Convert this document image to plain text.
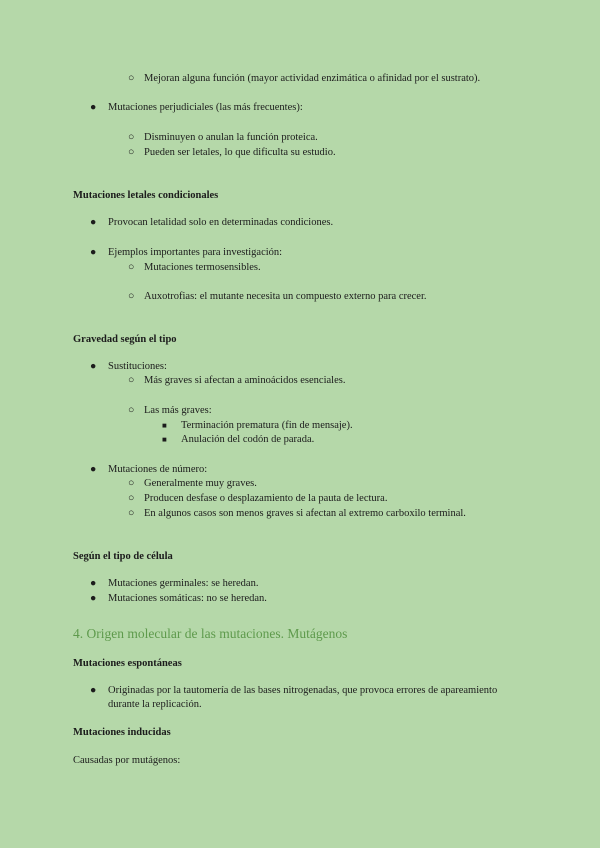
○ Mejoran alguna función (mayor actividad enzimática o afinidad por el sustrato).
● Mutaciones perjudiciales (las más frecuentes):
○ Disminuyen o anulan la función proteica.
○ Pueden ser letales, lo que dificulta su estudio.
Mutaciones letales condicionales
● Provocan letalidad solo en determinadas condiciones.
● Ejemplos importantes para investigación:
○ Mutaciones termosensibles.
○ Auxotrofias: el mutante necesita un compuesto externo para crecer.
Gravedad según el tipo
● Sustituciones:
○ Más graves si afectan a aminoácidos esenciales.
○ Las más graves:
■ Terminación prematura (fin de mensaje).
■ Anulación del codón de parada.
● Mutaciones de número:
○ Generalmente muy graves.
○ Producen desfase o desplazamiento de la pauta de lectura.
○ En algunos casos son menos graves si afectan al extremo carboxilo terminal.
Según el tipo de célula
● Mutaciones germinales: se heredan.
● Mutaciones somáticas: no se heredan.
4. Origen molecular de las mutaciones. Mutágenos
Mutaciones espontáneas
● Originadas por la tautomería de las bases nitrogenadas, que provoca errores de apareamiento
durante la replicación.
Mutaciones inducidas
Causadas por mutágenos:
